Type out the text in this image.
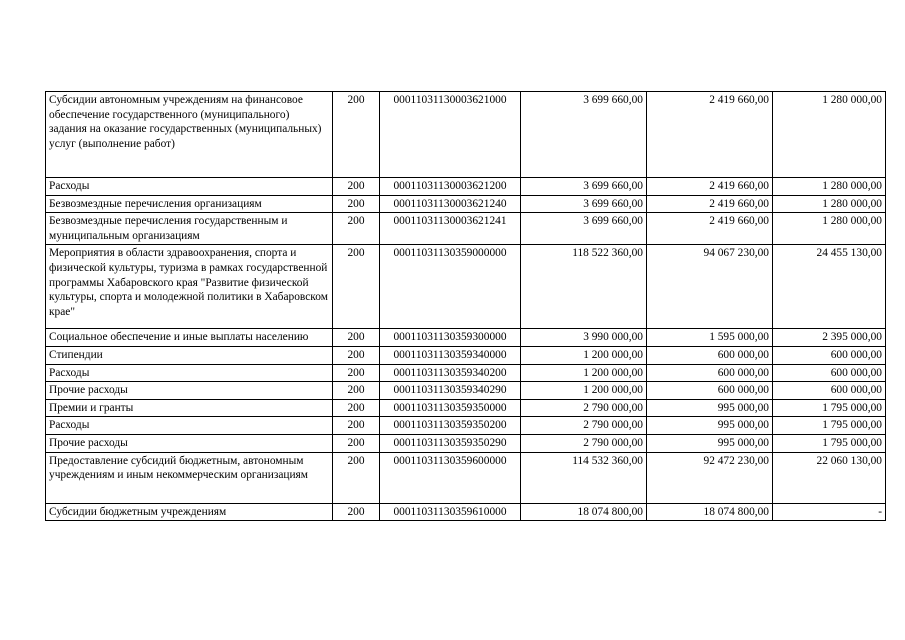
Субсидии автономным учреждениям на финансовое обеспечение государственного (муниципального) задания на оказание государственных (муниципальных) услуг (выполнение работ)	200	00011031130003621000	3 699 660,00	2 419 660,00	1 280 000,00
Расходы	200	00011031130003621200	3 699 660,00	2 419 660,00	1 280 000,00
Безвозмездные перечисления организациям	200	00011031130003621240	3 699 660,00	2 419 660,00	1 280 000,00
Безвозмездные перечисления государственным и муниципальным организациям	200	00011031130003621241	3 699 660,00	2 419 660,00	1 280 000,00
Мероприятия в области здравоохранения, спорта и физической культуры, туризма в рамках государственной программы Хабаровского края "Развитие физической культуры, спорта и молодежной политики в Хабаровском крае"	200	00011031130359000000	118 522 360,00	94 067 230,00	24 455 130,00
Социальное обеспечение и иные выплаты населению	200	00011031130359300000	3 990 000,00	1 595 000,00	2 395 000,00
Стипендии	200	00011031130359340000	1 200 000,00	600 000,00	600 000,00
Расходы	200	00011031130359340200	1 200 000,00	600 000,00	600 000,00
Прочие расходы	200	00011031130359340290	1 200 000,00	600 000,00	600 000,00
Премии и гранты	200	00011031130359350000	2 790 000,00	995 000,00	1 795 000,00
Расходы	200	00011031130359350200	2 790 000,00	995 000,00	1 795 000,00
Прочие расходы	200	00011031130359350290	2 790 000,00	995 000,00	1 795 000,00
Предоставление субсидий бюджетным, автономным учреждениям и иным некоммерческим организациям	200	00011031130359600000	114 532 360,00	92 472 230,00	22 060 130,00
Субсидии бюджетным учреждениям	200	00011031130359610000	18 074 800,00	18 074 800,00	-
